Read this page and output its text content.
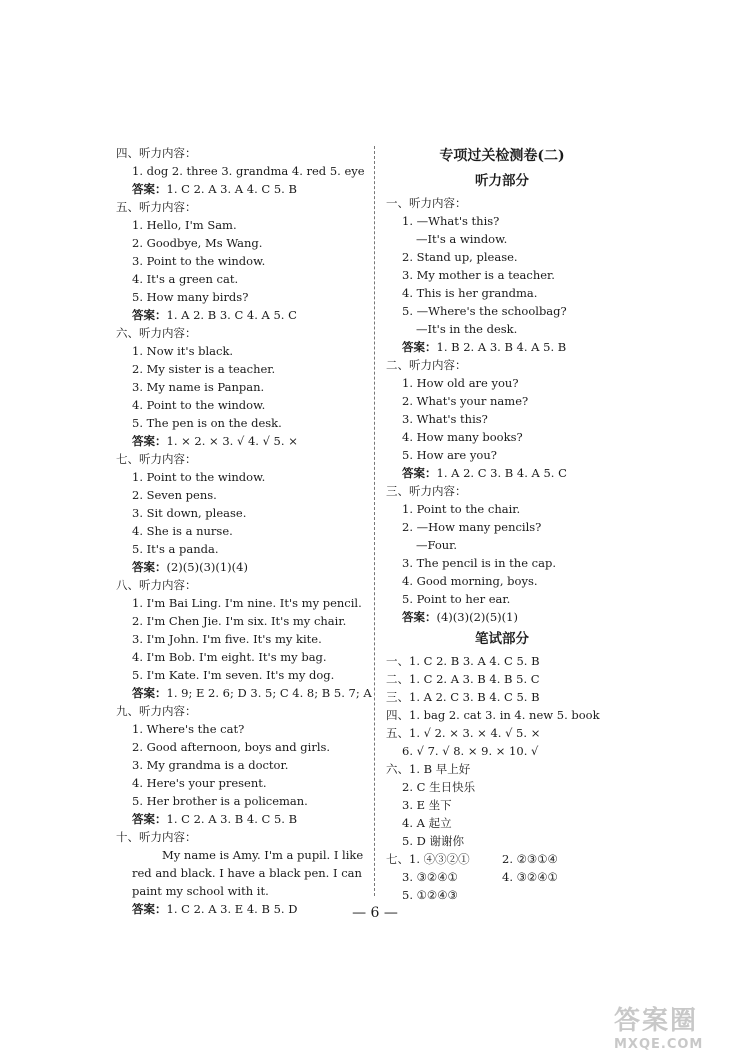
四、听力内容：
1. dog 2. three 3. grandma 4. red 5. eye
答案：1. C 2. A 3. A 4. C 5. B
五、听力内容：
1. Hello, I'm Sam.
2. Goodbye, Ms Wang.
3. Point to the window.
4. It's a green cat.
5. How many birds?
答案：1. A 2. B 3. C 4. A 5. C
六、听力内容：
1. Now it's black.
2. My sister is a teacher.
3. My name is Panpan.
4. Point to the window.
5. The pen is on the desk.
答案：1. × 2. × 3. √ 4. √ 5. ×
七、听力内容：
1. Point to the window.
2. Seven pens.
3. Sit down, please.
4. She is a nurse.
5. It's a panda.
答案：(2)(5)(3)(1)(4)
八、听力内容：
1. I'm Bai Ling. I'm nine. It's my pencil.
2. I'm Chen Jie. I'm six. It's my chair.
3. I'm John. I'm five. It's my kite.
4. I'm Bob. I'm eight. It's my bag.
5. I'm Kate. I'm seven. It's my dog.
答案：1. 9; E 2. 6; D 3. 5; C 4. 8; B 5. 7; A
九、听力内容：
1. Where's the cat?
2. Good afternoon, boys and girls.
3. My grandma is a doctor.
4. Here's your present.
5. Her brother is a policeman.
答案：1. C 2. A 3. B 4. C 5. B
十、听力内容：
My name is Amy. I'm a pupil. I like
red and black. I have a black pen. I can
paint my school with it.
答案：1. C 2. A 3. E 4. B 5. D
专项过关检测卷(二)
听力部分
一、听力内容：
1. —What's this?
—It's a window.
2. Stand up, please.
3. My mother is a teacher.
4. This is her grandma.
5. —Where's the schoolbag?
—It's in the desk.
答案：1. B 2. A 3. B 4. A 5. B
二、听力内容：
1. How old are you?
2. What's your name?
3. What's this?
4. How many books?
5. How are you?
答案：1. A 2. C 3. B 4. A 5. C
三、听力内容：
1. Point to the chair.
2. —How many pencils?
—Four.
3. The pencil is in the cap.
4. Good morning, boys.
5. Point to her ear.
答案：(4)(3)(2)(5)(1)
笔试部分
一、1. C 2. B 3. A 4. C 5. B
二、1. C 2. A 3. B 4. B 5. C
三、1. A 2. C 3. B 4. C 5. B
四、1. bag 2. cat 3. in 4. new 5. book
五、1. √ 2. × 3. × 4. √ 5. ×
6. √ 7. √ 8. × 9. × 10. √
六、1. B 早上好
2. C 生日快乐
3. E 坐下
4. A 起立
5. D 谢谢你
七、1. ④③②①	2. ②③①④
3. ③②④①	4. ③②④①
5. ①②④③
— 6 —
答案圈
MXQE.COM
